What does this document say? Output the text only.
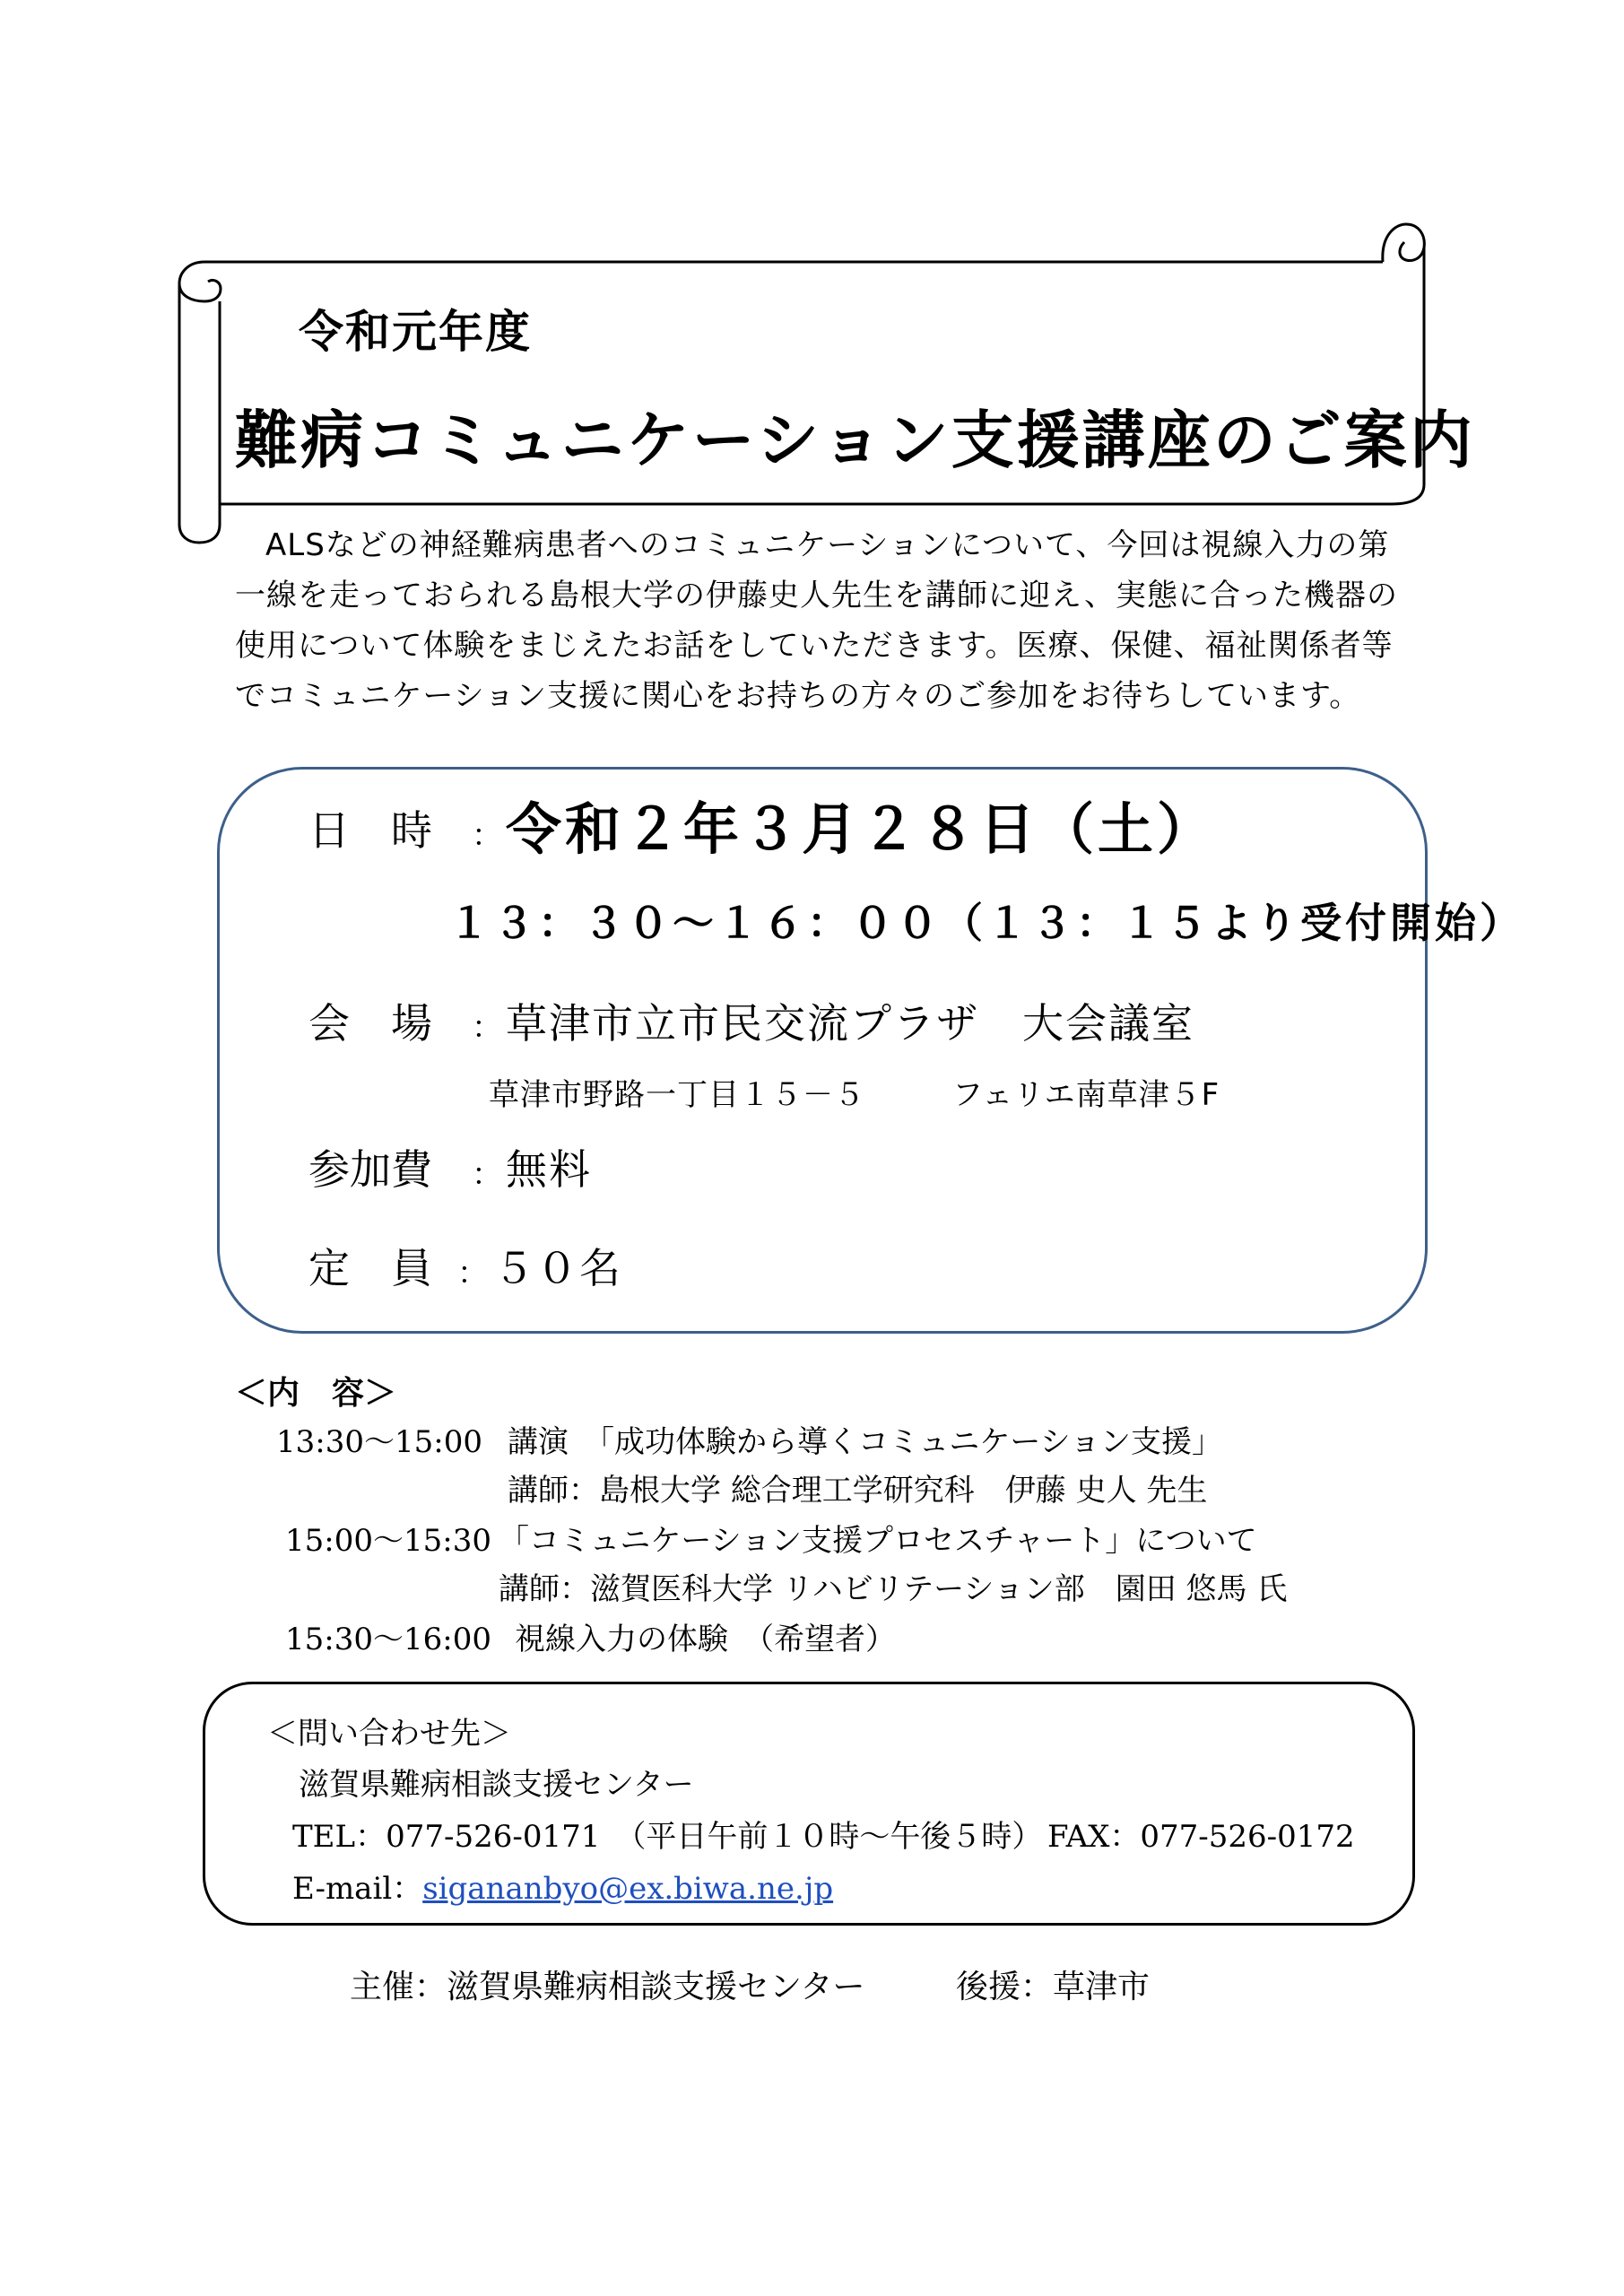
令和元年度
難病コミュニケーション支援講座のご案内

ALSなどの神経難病患者へのコミュニケーションについて、今回は視線入力の第一線を走っておられる島根大学の伊藤史人先生を講師に迎え、実態に合った機器の使用について体験をまじえたお話をしていただきます。医療、保健、福祉関係者等でコミュニケーション支援に関心をお持ちの方々のご参加をお待ちしています。

日　時 ： 令和２年３月２８日（土）
１３：３０～１６：００（１３：１５より受付開始）
会　場 ： 草津市立市民交流プラザ　大会議室
草津市野路一丁目１５－５	フェリエ南草津５F
参加費 ： 無料
定　員 ： ５０名
＜内　容＞
13:30～15:00 講演　「成功体験から導くコミュニケーション支援」
講師：島根大学 総合理工学研究科　伊藤 史人 先生
15:00～15:30 「コミュニケーション支援プロセスチャート」について
講師：滋賀医科大学 リハビリテーション部　園田 悠馬 氏
15:30～16:00 視線入力の体験　（希望者）
＜問い合わせ先＞
滋賀県難病相談支援センター
TEL：077-526-0171　（平日午前１０時～午後５時） FAX：077-526-0172
E-mail：sigananbyo@ex.biwa.ne.jp
主催：滋賀県難病相談支援センター	後援：草津市
